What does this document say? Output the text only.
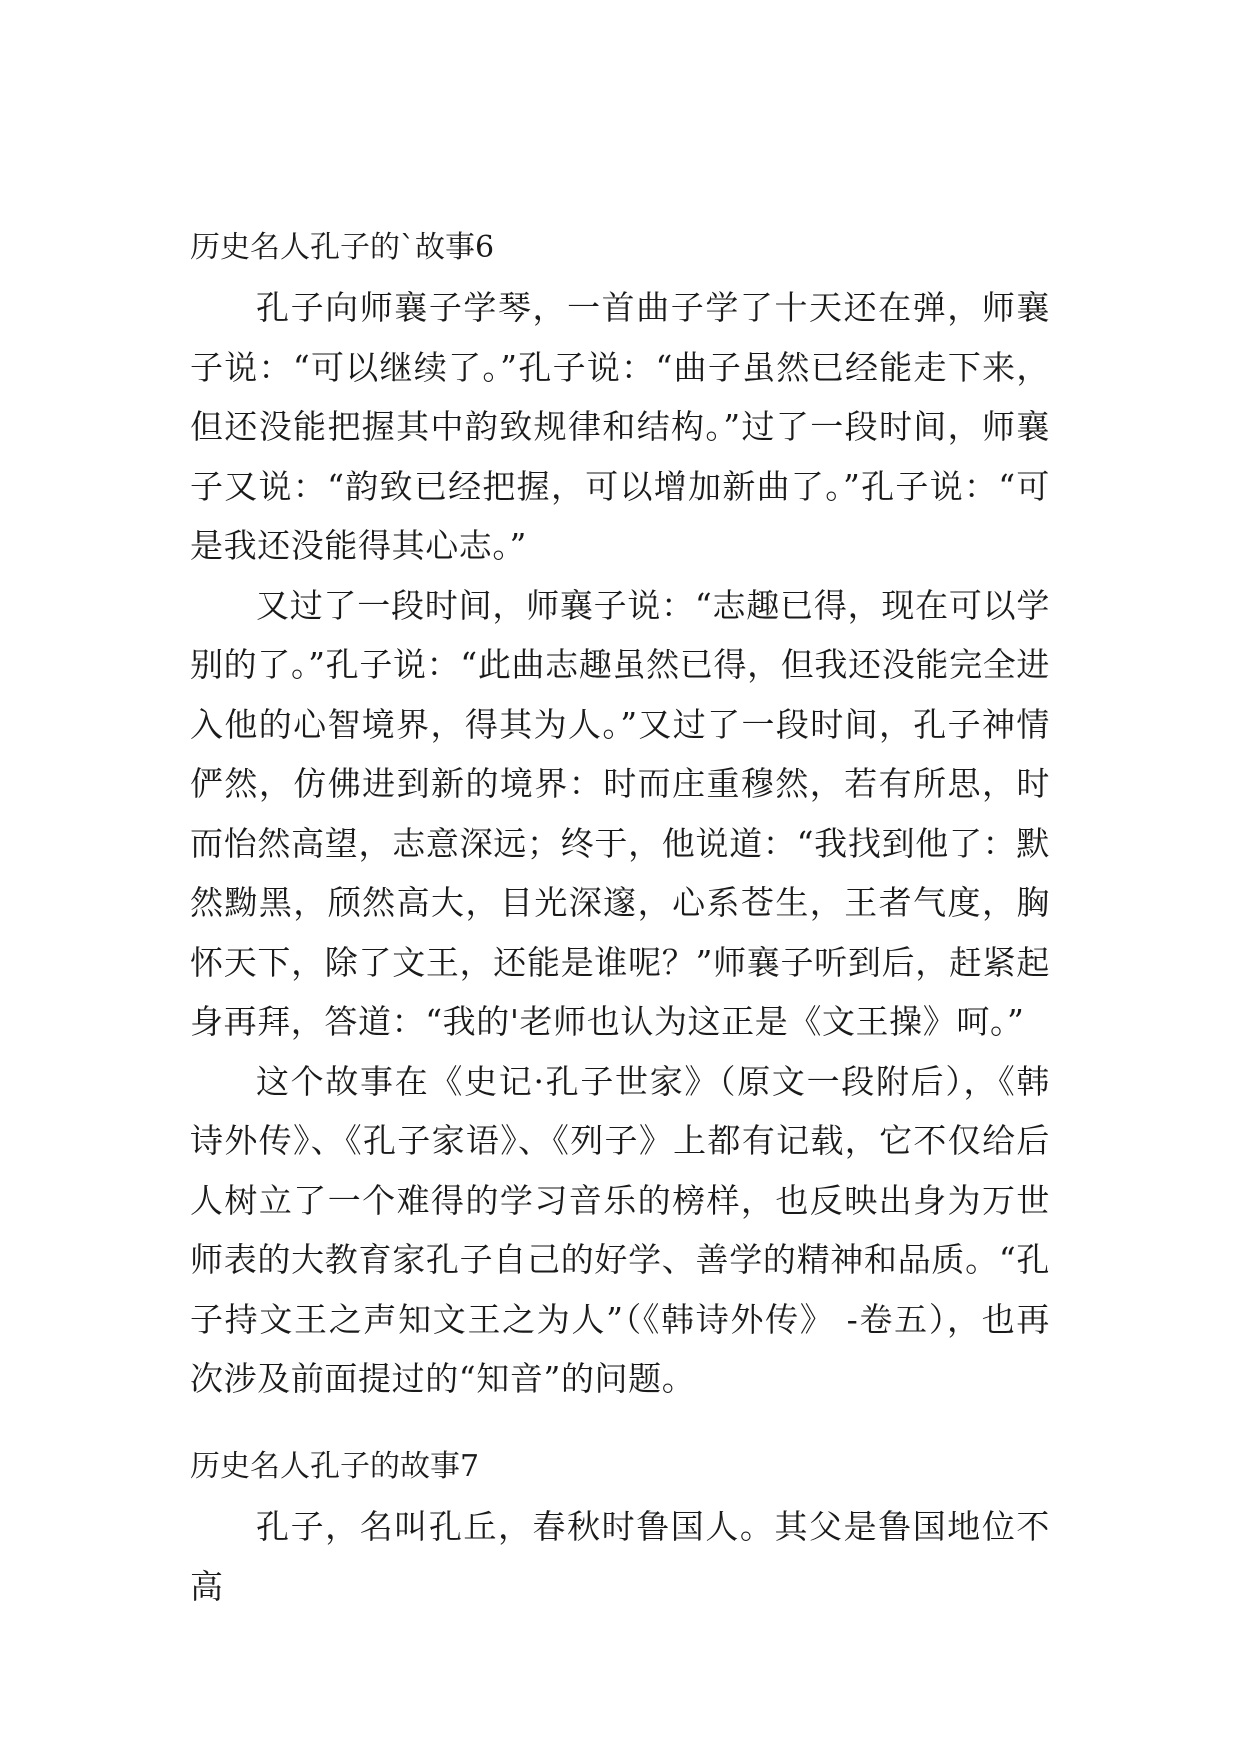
历史名人孔子的`故事6

孔子向师襄子学琴，一首曲子学了十天还在弹，师襄子说：“可以继续了。”孔子说：“曲子虽然已经能走下来，但还没能把握其中韵致规律和结构。”过了一段时间，师襄子又说：“韵致已经把握，可以增加新曲了。”孔子说：“可是我还没能得其心志。”

又过了一段时间，师襄子说：“志趣已得，现在可以学别的了。”孔子说：“此曲志趣虽然已得，但我还没能完全进入他的心智境界，得其为人。”又过了一段时间，孔子神情俨然，仿佛进到新的境界：时而庄重穆然，若有所思，时而怡然高望，志意深远；终于，他说道：“我找到他了：默然黝黑，颀然高大，目光深邃，心系苍生，王者气度，胸怀天下，除了文王，还能是谁呢？”师襄子听到后，赶紧起身再拜，答道：“我的'老师也认为这正是《文王操》呵。”

这个故事在《史记·孔子世家》（原文一段附后），《韩诗外传》、《孔子家语》、《列子》上都有记载，它不仅给后人树立了一个难得的学习音乐的榜样，也反映出身为万世师表的大教育家孔子自己的好学、善学的精神和品质。“孔子持文王之声知文王之为人”（《韩诗外传》 -卷五），也再次涉及前面提过的“知音”的问题。

历史名人孔子的故事7

孔子，名叫孔丘，春秋时鲁国人。其父是鲁国地位不高
